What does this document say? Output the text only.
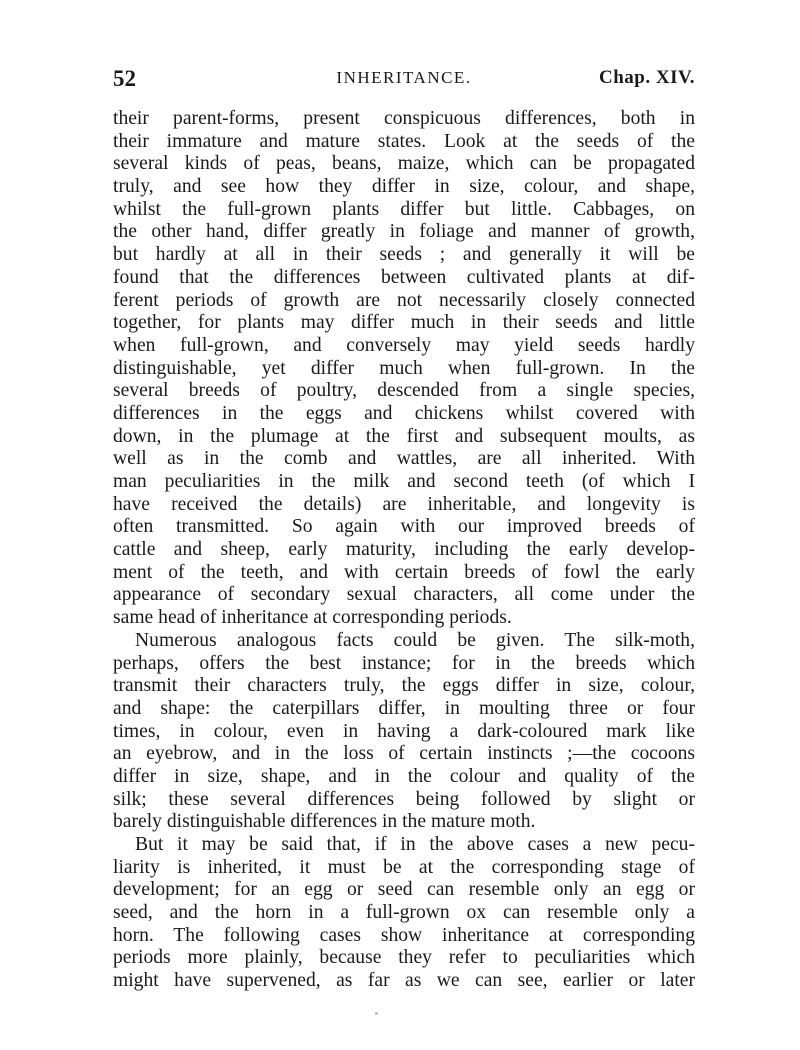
52	INHERITANCE.	Chap. XIV.
their parent-forms, present conspicuous differences, both in
their immature and mature states. Look at the seeds of the
several kinds of peas, beans, maize, which can be propagated
truly, and see how they differ in size, colour, and shape,
whilst the full-grown plants differ but little. Cabbages, on
the other hand, differ greatly in foliage and manner of growth,
but hardly at all in their seeds ; and generally it will be
found that the differences between cultivated plants at dif-
ferent periods of growth are not necessarily closely connected
together, for plants may differ much in their seeds and little
when full-grown, and conversely may yield seeds hardly
distinguishable, yet differ much when full-grown. In the
several breeds of poultry, descended from a single species,
differences in the eggs and chickens whilst covered with
down, in the plumage at the first and subsequent moults, as
well as in the comb and wattles, are all inherited. With
man peculiarities in the milk and second teeth (of which I
have received the details) are inheritable, and longevity is
often transmitted. So again with our improved breeds of
cattle and sheep, early maturity, including the early develop-
ment of the teeth, and with certain breeds of fowl the early
appearance of secondary sexual characters, all come under the
same head of inheritance at corresponding periods.
Numerous analogous facts could be given. The silk-moth,
perhaps, offers the best instance; for in the breeds which
transmit their characters truly, the eggs differ in size, colour,
and shape: the caterpillars differ, in moulting three or four
times, in colour, even in having a dark-coloured mark like
an eyebrow, and in the loss of certain instincts ;—the cocoons
differ in size, shape, and in the colour and quality of the
silk; these several differences being followed by slight or
barely distinguishable differences in the mature moth.
But it may be said that, if in the above cases a new pecu-
liarity is inherited, it must be at the corresponding stage of
development; for an egg or seed can resemble only an egg or
seed, and the horn in a full-grown ox can resemble only a
horn. The following cases show inheritance at corresponding
periods more plainly, because they refer to peculiarities which
might have supervened, as far as we can see, earlier or later
